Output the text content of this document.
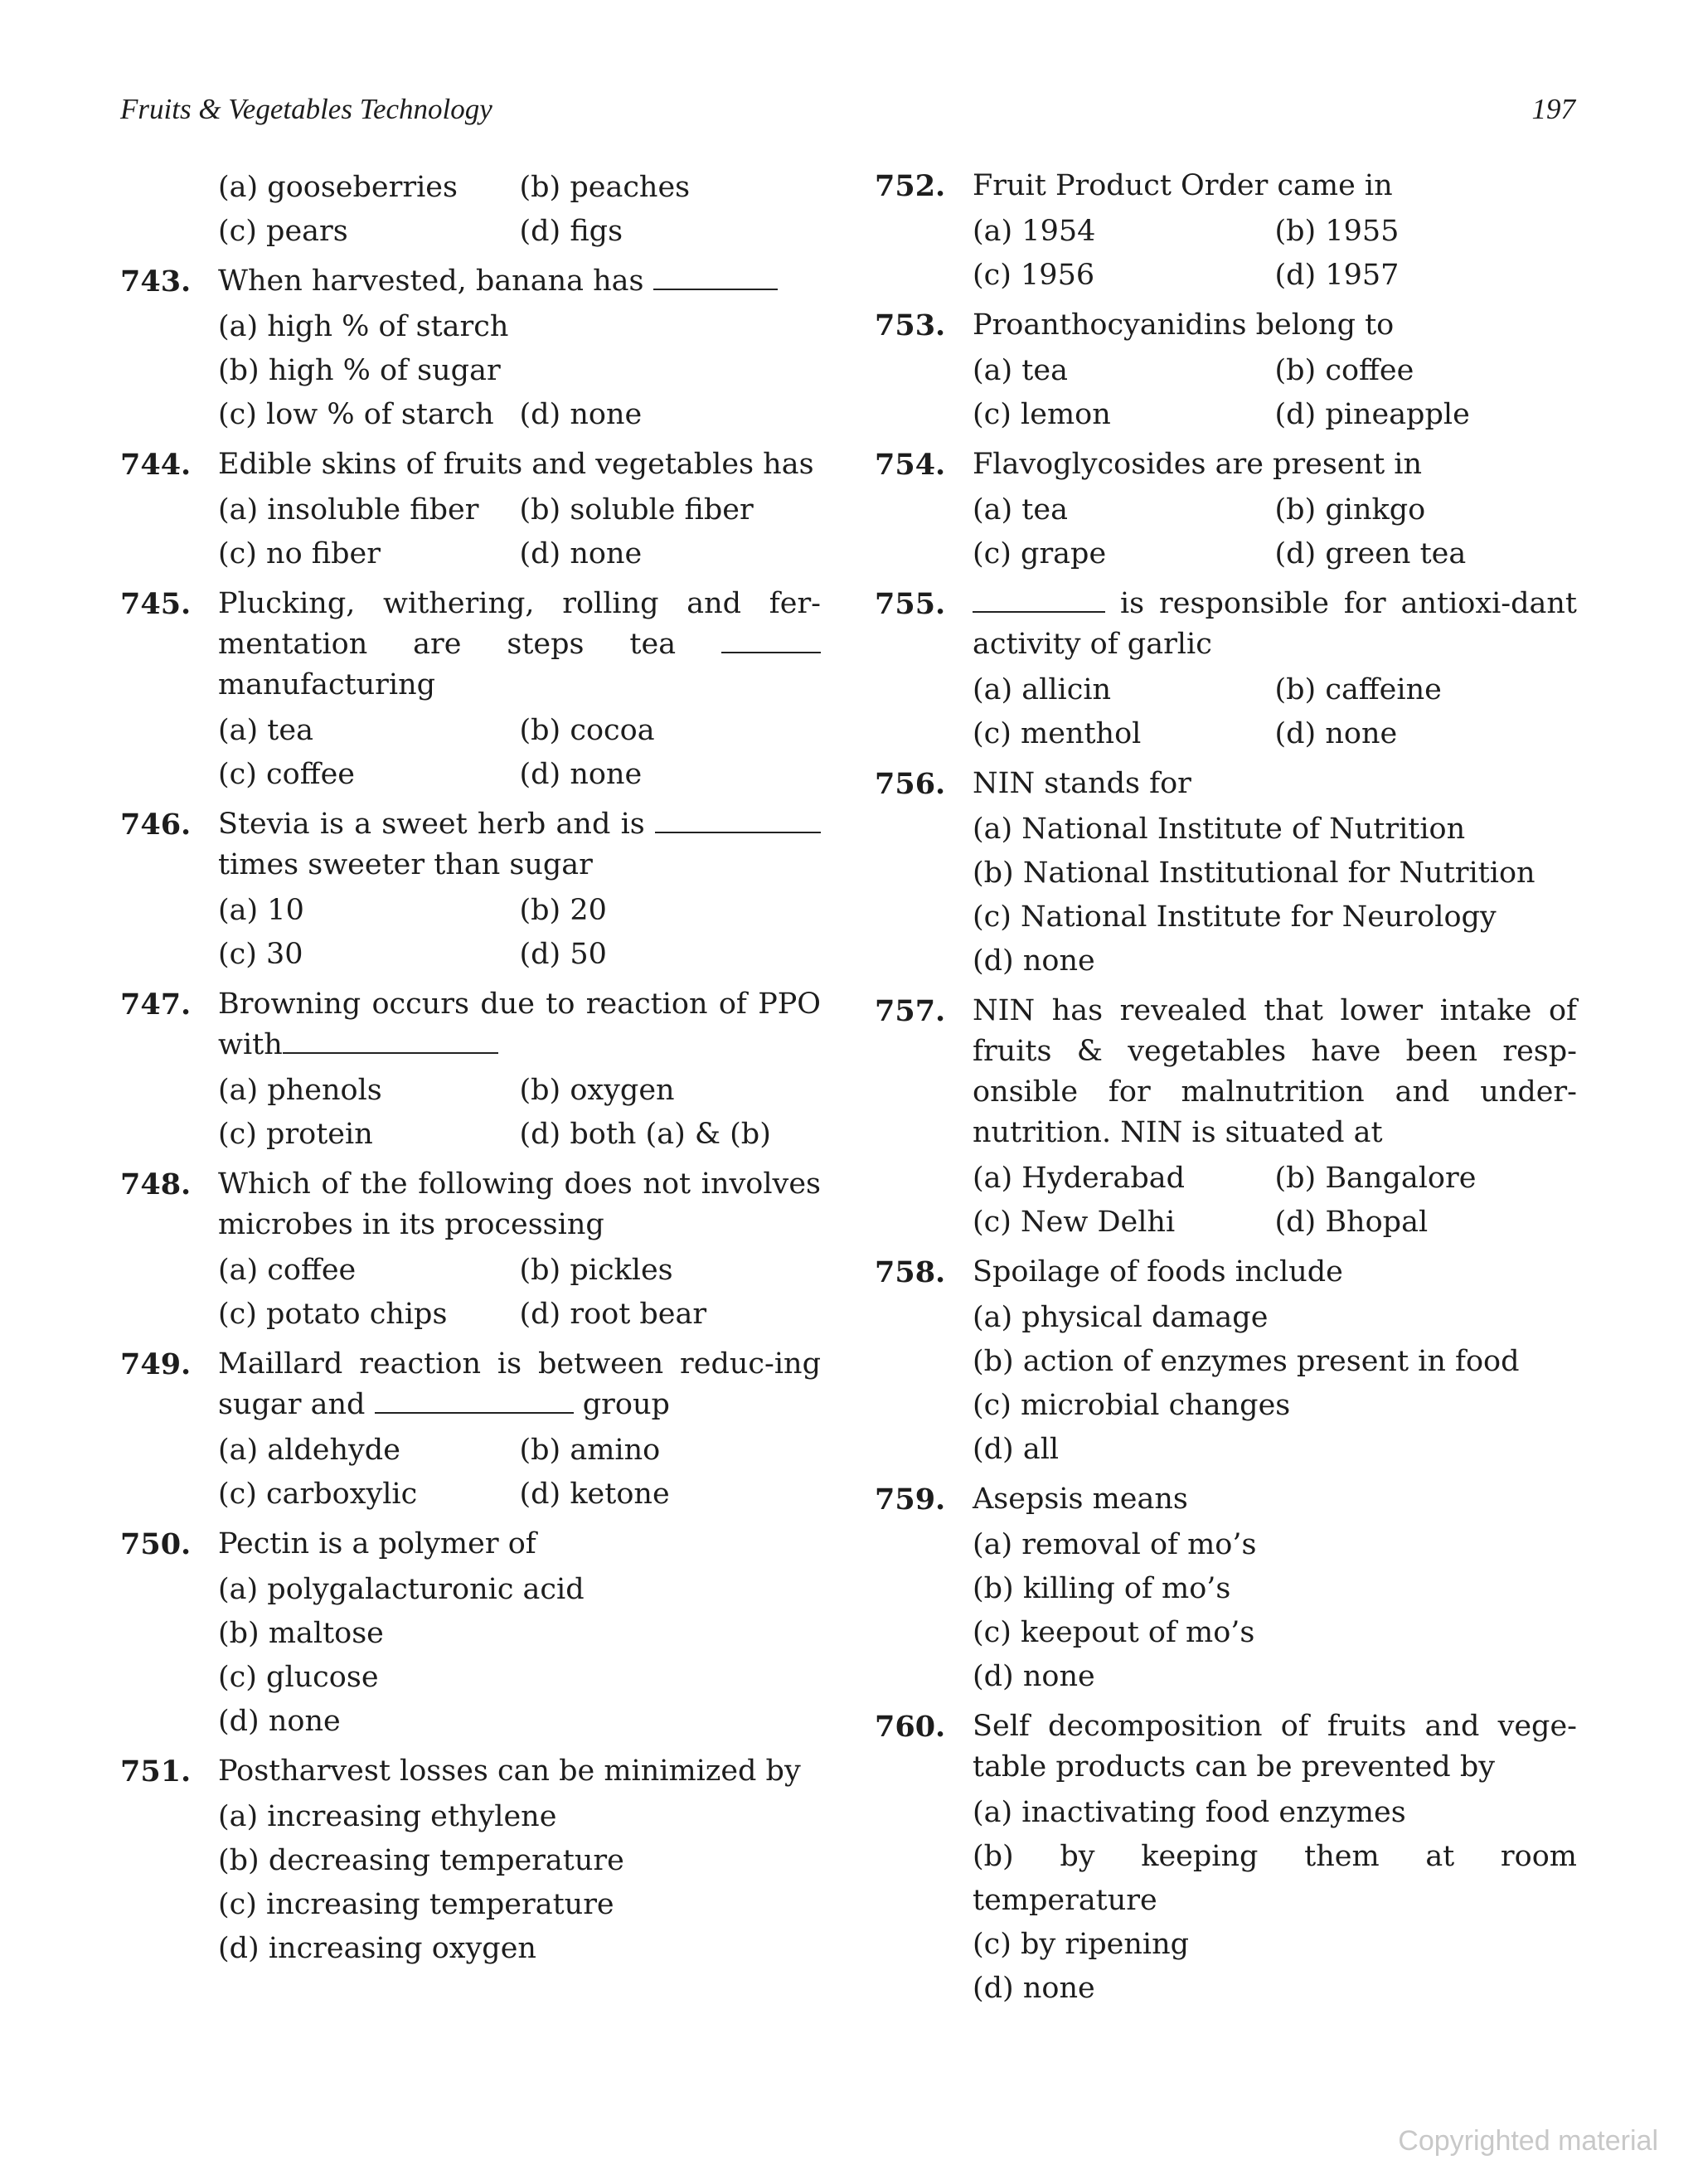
Fruits & Vegetables Technology	197
(a) gooseberries	(b) peaches
(c) pears	(d) figs
743. When harvested, banana has
(a) high % of starch
(b) high % of sugar
(c) low % of starch (d) none
744. Edible skins of fruits and vegetables has
(a) insoluble fiber	(b) soluble fiber
(c) no fiber	(d) none
745. Plucking, withering, rolling and fer-mentation are steps tea  manufacturing
(a) tea	(b) cocoa
(c) coffee	(d) none
746. Stevia is a sweet herb and is  times sweeter than sugar
(a) 10	(b) 20
(c) 30	(d) 50
747. Browning occurs due to reaction of PPO with
(a) phenols	(b) oxygen
(c) protein	(d) both (a) & (b)
748. Which of the following does not involves microbes in its processing
(a) coffee	(b) pickles
(c) potato chips	(d) root bear
749. Maillard reaction is between reduc-ing sugar and	group
(a) aldehyde	(b) amino
(c) carboxylic	(d) ketone
750. Pectin is a polymer of
(a) polygalacturonic acid
(b) maltose
(c) glucose
(d) none
751. Postharvest losses can be minimized by
(a) increasing ethylene
(b) decreasing temperature
(c) increasing temperature
(d) increasing oxygen
752. Fruit Product Order came in
(a) 1954	(b) 1955
(c) 1956	(d) 1957
753. Proanthocyanidins belong to
(a) tea	(b) coffee
(c) lemon	(d) pineapple
754. Flavoglycosides are present in
(a) tea	(b) ginkgo
(c) grape	(d) green tea
755.	is responsible for antioxi-dant activity of garlic
(a) allicin	(b) caffeine
(c) menthol	(d) none
756. NIN stands for
(a) National Institute of Nutrition
(b) National Institutional for Nutrition
(c) National Institute for Neurology
(d) none
757. NIN has revealed that lower intake of fruits & vegetables have been resp-onsible for malnutrition and under-nutrition. NIN is situated at
(a) Hyderabad	(b) Bangalore
(c) New Delhi	(d) Bhopal
758. Spoilage of foods include
(a) physical damage
(b) action of enzymes present in food
(c) microbial changes
(d) all
759. Asepsis means
(a) removal of mo’s
(b) killing of mo’s
(c) keepout of mo’s
(d) none
760. Self decomposition of fruits and vege-table products can be prevented by
(a) inactivating food enzymes
(b) by keeping them at room temperature
(c) by ripening
(d) none
Copyrighted material
